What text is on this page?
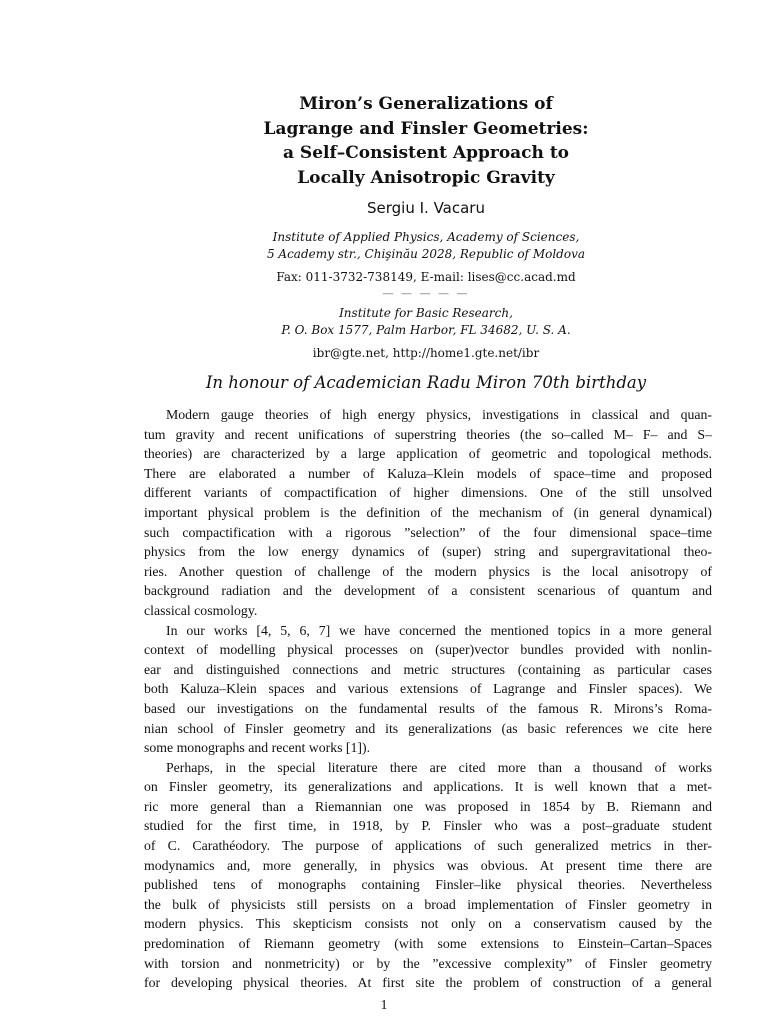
Miron’s Generalizations of
Lagrange and Finsler Geometries:
a Self–Consistent Approach to
Locally Anisotropic Gravity
Sergiu I. Vacaru
Institute of Applied Physics, Academy of Sciences,
5 Academy str., Chişinău 2028, Republic of Moldova
Fax: 011-3732-738149, E-mail: lises@cc.acad.md
— — — — —
Institute for Basic Research,
P. O. Box 1577, Palm Harbor, FL 34682, U. S. A.
ibr@gte.net, http://home1.gte.net/ibr
In honour of Academician Radu Miron 70th birthday
Modern gauge theories of high energy physics, investigations in classical and quan-
tum gravity and recent unifications of superstring theories (the so–called M– F– and S–
theories) are characterized by a large application of geometric and topological methods.
There are elaborated a number of Kaluza–Klein models of space–time and proposed
different variants of compactification of higher dimensions. One of the still unsolved
important physical problem is the definition of the mechanism of (in general dynamical)
such compactification with a rigorous ”selection” of the four dimensional space–time
physics from the low energy dynamics of (super) string and supergravitational theo-
ries. Another question of challenge of the modern physics is the local anisotropy of
background radiation and the development of a consistent scenarious of quantum and
classical cosmology.
In our works [4, 5, 6, 7] we have concerned the mentioned topics in a more general
context of modelling physical processes on (super)vector bundles provided with nonlin-
ear and distinguished connections and metric structures (containing as particular cases
both Kaluza–Klein spaces and various extensions of Lagrange and Finsler spaces). We
based our investigations on the fundamental results of the famous R. Mirons’s Roma-
nian school of Finsler geometry and its generalizations (as basic references we cite here
some monographs and recent works [1]).
Perhaps, in the special literature there are cited more than a thousand of works
on Finsler geometry, its generalizations and applications. It is well known that a met-
ric more general than a Riemannian one was proposed in 1854 by B. Riemann and
studied for the first time, in 1918, by P. Finsler who was a post–graduate student
of C. Carathéodory. The purpose of applications of such generalized metrics in ther-
modynamics and, more generally, in physics was obvious. At present time there are
published tens of monographs containing Finsler–like physical theories. Nevertheless
the bulk of physicists still persists on a broad implementation of Finsler geometry in
modern physics. This skepticism consists not only on a conservatism caused by the
predomination of Riemann geometry (with some extensions to Einstein–Cartan–Spaces
with torsion and nonmetricity) or by the ”excessive complexity” of Finsler geometry
for developing physical theories. At first site the problem of construction of a general
1
